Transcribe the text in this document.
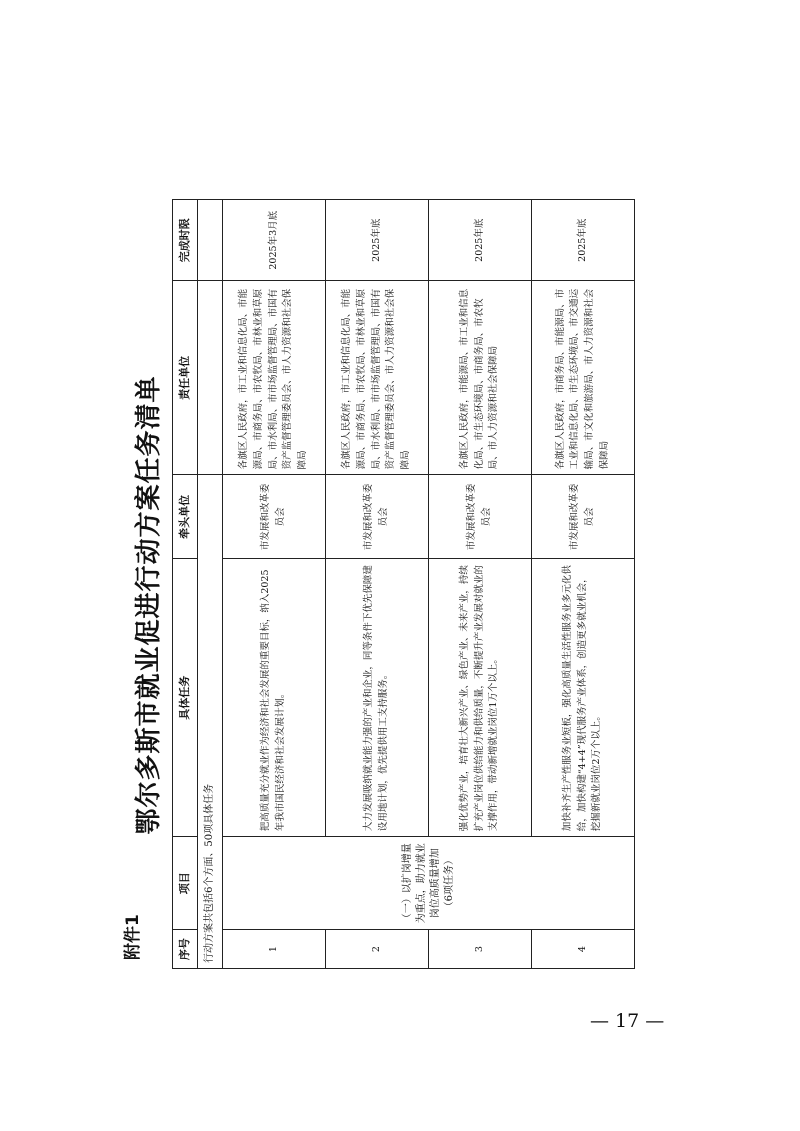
附件1
— 17 —
鄂尔多斯市就业促进行动方案任务清单
序号	项目	具体任务	牵头单位	责任单位	完成时限
行动方案共包括6个方面、50项具体任务					
1	（一）以扩岗增量为重点，助力就业岗位高质量增加（6项任务）	把高质量充分就业作为经济和社会发展的重要目标，纳入2025年我市国民经济和社会发展计划。	市发展和改革委员会	各旗区人民政府，市工业和信息化局、市能源局、市商务局、市农牧局、市林业和草原局、市水利局、市市场监督管理局、市国有资产监督管理委员会、市人力资源和社会保障局	2025年3月底
2		大力发展吸纳就业能力强的产业和企业，同等条件下优先保障建设用地计划，优先提供用工支持服务。	市发展和改革委员会	各旗区人民政府，市工业和信息化局、市能源局、市商务局、市农牧局、市林业和草原局、市水利局、市市场监督管理局、市国有资产监督管理委员会、市人力资源和社会保障局	2025年底
3		强化优势产业，培育壮大新兴产业、绿色产业、未来产业，持续扩充产业岗位供给能力和供给质量，不断提升产业发展对就业的支撑作用，带动新增就业岗位1万个以上。	市发展和改革委员会	各旗区人民政府，市能源局、市工业和信息化局、市生态环境局、市商务局、市农牧局、市人力资源和社会保障局	2025年底
4		加快补齐生产性服务业短板，强化高质量生活性服务业多元化供给，加快构建“4+4”现代服务产业体系，创造更多就业机会，挖掘新就业岗位2万个以上。	市发展和改革委员会	各旗区人民政府，市商务局、市能源局、市工业和信息化局、市生态环境局、市交通运输局、市文化和旅游局、市人力资源和社会保障局	2025年底
